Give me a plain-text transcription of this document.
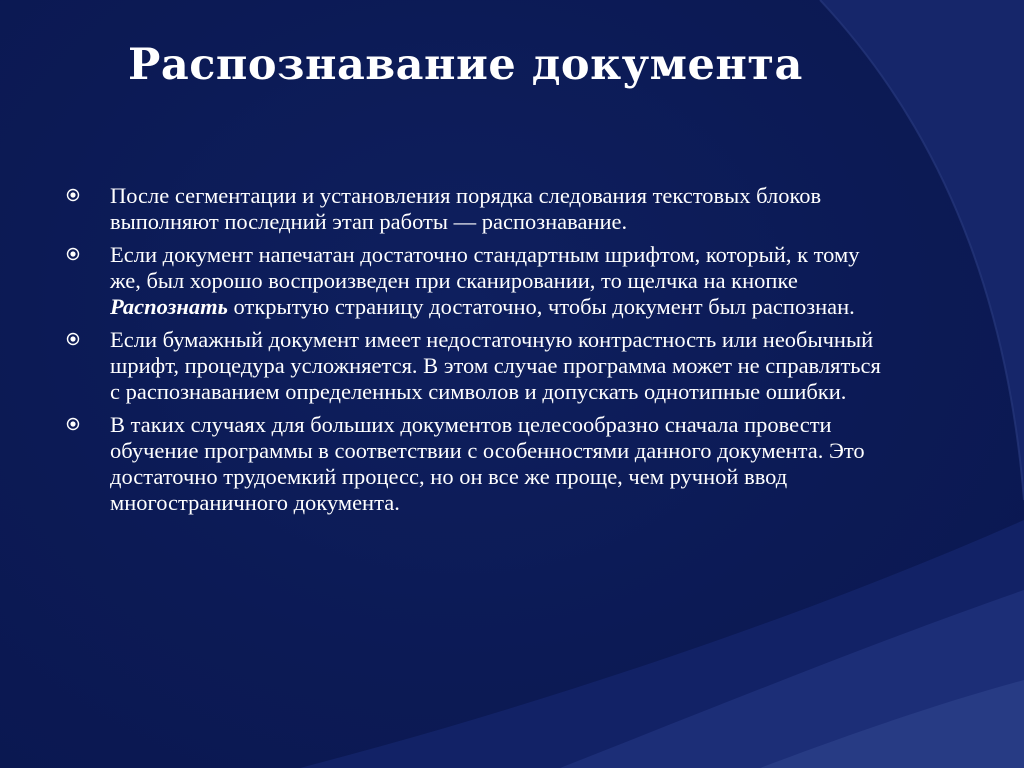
Распознавание документа
После сегментации и установления порядка следования текстовых блоков выполняют последний этап работы — распознавание.
Если документ напечатан достаточно стандартным шрифтом, который, к тому же, был хорошо воспроизведен при сканировании, то щелчка на кнопке Распознать открытую страницу достаточно, чтобы документ был распознан.
Если бумажный документ имеет недостаточную контрастность или необычный шрифт, процедура усложняется. В этом случае программа может не справляться с распознаванием определенных символов и допускать однотипные ошибки.
В таких случаях для больших документов целесообразно сначала провести обучение программы в соответствии с особенностями данного документа. Это достаточно трудоемкий процесс, но он все же проще, чем ручной ввод многостраничного документа.
